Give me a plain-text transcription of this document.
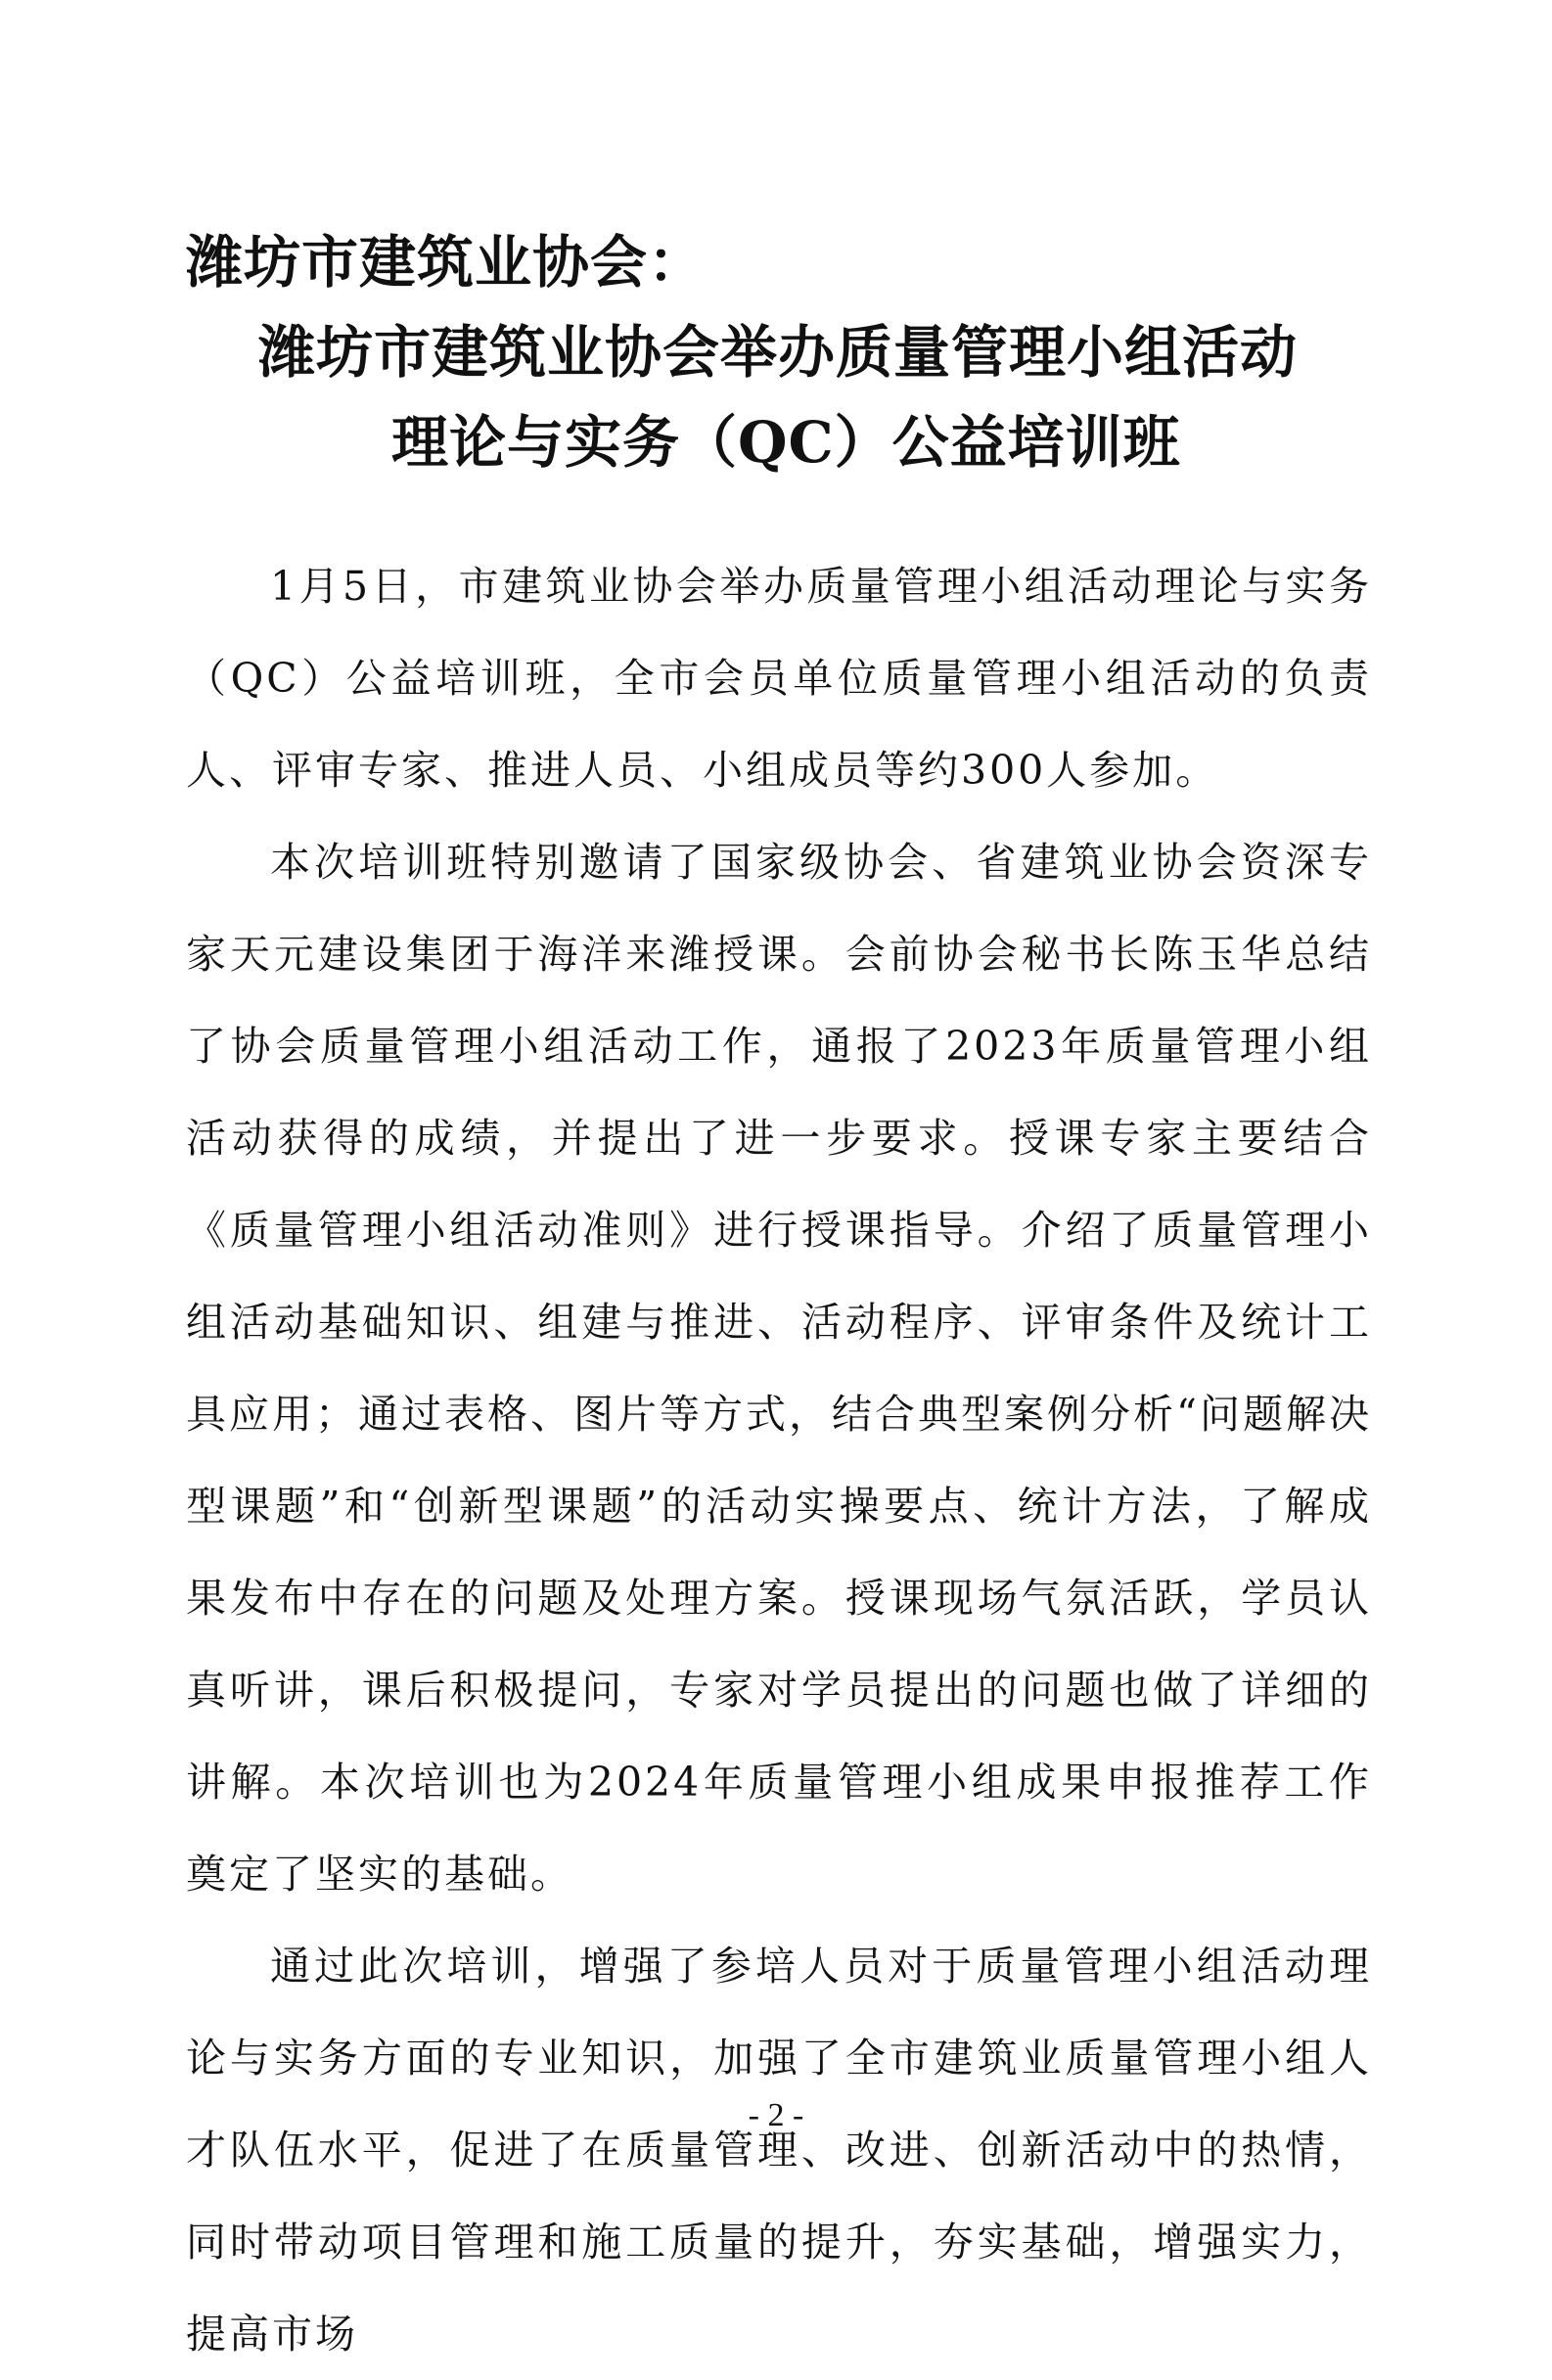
潍坊市建筑业协会：
潍坊市建筑业协会举办质量管理小组活动
理论与实务（QC）公益培训班

1月5日，市建筑业协会举办质量管理小组活动理论与实务（QC）公益培训班，全市会员单位质量管理小组活动的负责人、评审专家、推进人员、小组成员等约300人参加。

本次培训班特别邀请了国家级协会、省建筑业协会资深专家天元建设集团于海洋来潍授课。会前协会秘书长陈玉华总结了协会质量管理小组活动工作，通报了2023年质量管理小组活动获得的成绩，并提出了进一步要求。授课专家主要结合《质量管理小组活动准则》进行授课指导。介绍了质量管理小组活动基础知识、组建与推进、活动程序、评审条件及统计工具应用；通过表格、图片等方式，结合典型案例分析“问题解决型课题”和“创新型课题”的活动实操要点、统计方法，了解成果发布中存在的问题及处理方案。授课现场气氛活跃，学员认真听讲，课后积极提问，专家对学员提出的问题也做了详细的讲解。本次培训也为2024年质量管理小组成果申报推荐工作奠定了坚实的基础。

通过此次培训，增强了参培人员对于质量管理小组活动理论与实务方面的专业知识，加强了全市建筑业质量管理小组人才队伍水平，促进了在质量管理、改进、创新活动中的热情，同时带动项目管理和施工质量的提升，夯实基础，增强实力，提高市场

- 2 -
